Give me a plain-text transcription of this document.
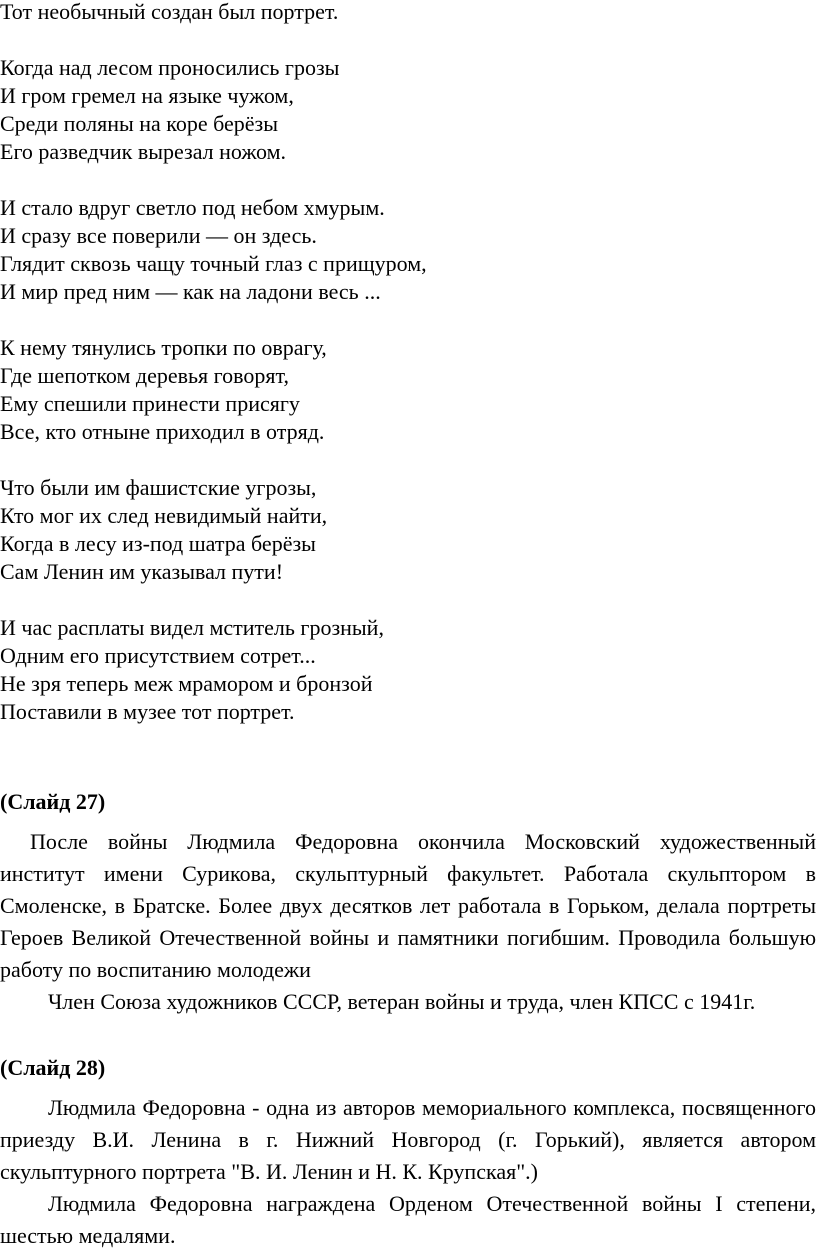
Тот необычный создан был портрет.
Когда над лесом проносились грозы
И гром гремел на языке чужом,
Среди поляны на коре берёзы
Его разведчик вырезал ножом.
И стало вдруг светло под небом хмурым.
И сразу все поверили — он здесь.
Глядит сквозь чащу точный глаз с прищуром,
И мир пред ним — как на ладони весь ...
К нему тянулись тропки по оврагу,
Где шепотком деревья говорят,
Ему спешили принести присягу
Все, кто отныне приходил в отряд.
Что были им фашистские угрозы,
Кто мог их след невидимый найти,
Когда в лесу из-под шатра берёзы
Сам Ленин им указывал пути!
И час расплаты видел мститель грозный,
Одним его присутствием сотрет...
Не зря теперь меж мрамором и бронзой
Поставили в музее тот портрет.
(Слайд 27)

После войны Людмила Федоровна окончила Московский художественный институт имени Сурикова, скульптурный факультет. Работала скульптором в Смоленске, в Братске. Более двух десятков лет работала в Горьком, делала портреты Героев Великой Отечественной войны и памятники погибшим. Проводила большую работу по воспитанию молодежи

Член Союза художников СССР, ветеран войны и труда, член КПСС с 1941г.

(Слайд 28)

Людмила Федоровна - одна из авторов мемориального комплекса, посвященного приезду В.И. Ленина в г. Нижний Новгород (г. Горький), является автором скульптурного портрета "В. И. Ленин и Н. К. Крупская".)

Людмила Федоровна награждена Орденом Отечественной войны I степени, шестью медалями.
